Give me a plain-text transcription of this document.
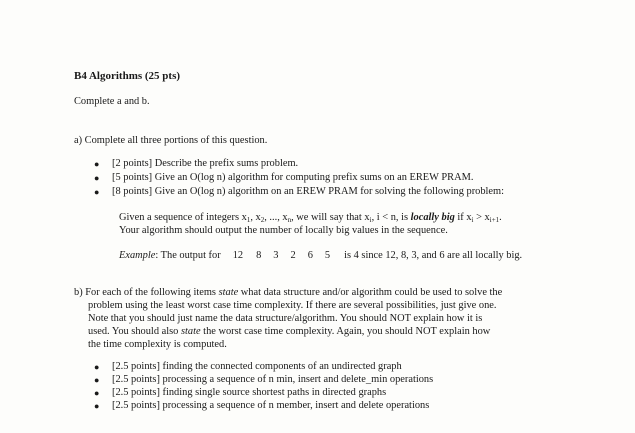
B4 Algorithms (25 pts)
Complete a and b.
a) Complete all three portions of this question.
● [2 points] Describe the prefix sums problem.
● [5 points] Give an O(log n) algorithm for computing prefix sums on an EREW PRAM.
● [8 points] Give an O(log n) algorithm on an EREW PRAM for solving the following problem:
Given a sequence of integers $x_1$, $x_2$, ..., $x_n$, we will say that $x_i$, i < n, is locally big if $x_i > x_{i+1}$.
Your algorithm should output the number of locally big values in the sequence.
Example: The output for 12 8 3 2 6 5 is 4 since 12, 8, 3, and 6 are all locally big.
b) For each of the following items state what data structure and/or algorithm could be used to solve the
problem using the least worst case time complexity. If there are several possibilities, just give one.
Note that you should just name the data structure/algorithm. You should NOT explain how it is
used. You should also state the worst case time complexity. Again, you should NOT explain how
the time complexity is computed.
● [2.5 points] finding the connected components of an undirected graph
● [2.5 points] processing a sequence of n min, insert and delete_min operations
● [2.5 points] finding single source shortest paths in directed graphs
● [2.5 points] processing a sequence of n member, insert and delete operations
